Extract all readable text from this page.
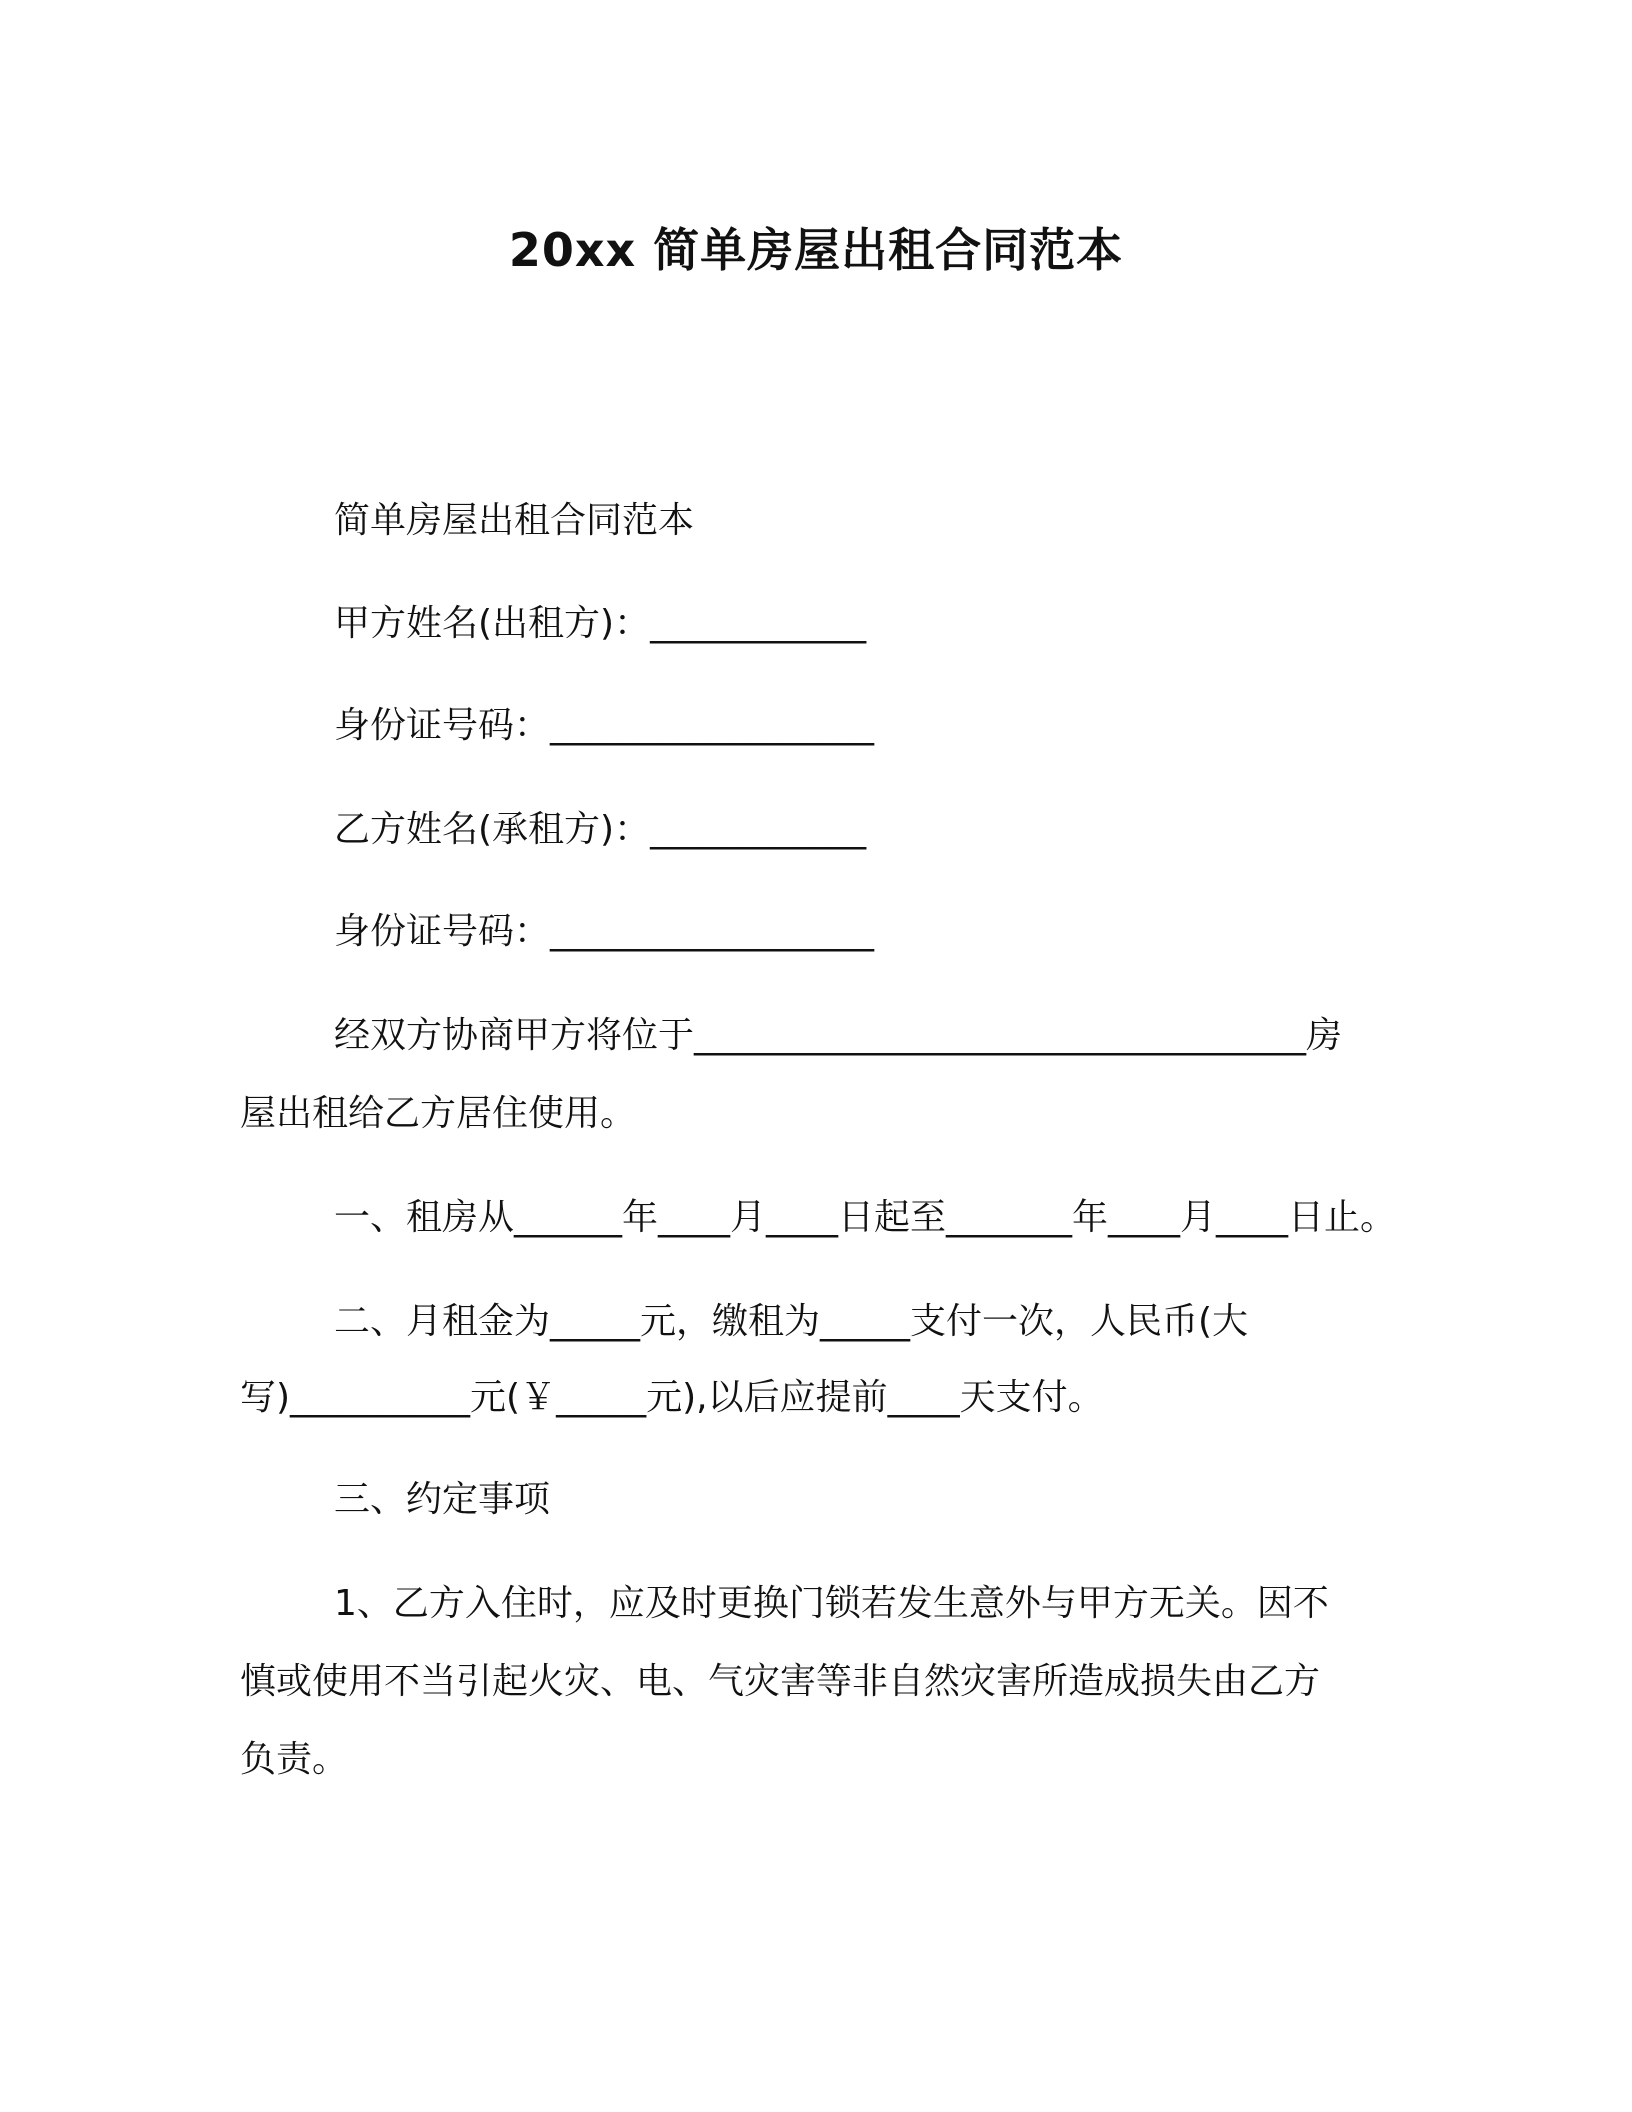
20xx 简单房屋出租合同范本
简单房屋出租合同范本
甲方姓名(出租方)：____________
身份证号码：__________________
乙方姓名(承租方)：____________
身份证号码：__________________
经双方协商甲方将位于__________________________________房
屋出租给乙方居住使用。
一、租房从______年____月____日起至_______年____月____日止。
二、月租金为_____元，缴租为_____支付一次，人民币(大
写)__________元(￥_____元),以后应提前____天支付。
三、约定事项
1、乙方入住时，应及时更换门锁若发生意外与甲方无关。因不
慎或使用不当引起火灾、电、气灾害等非自然灾害所造成损失由乙方
负责。
